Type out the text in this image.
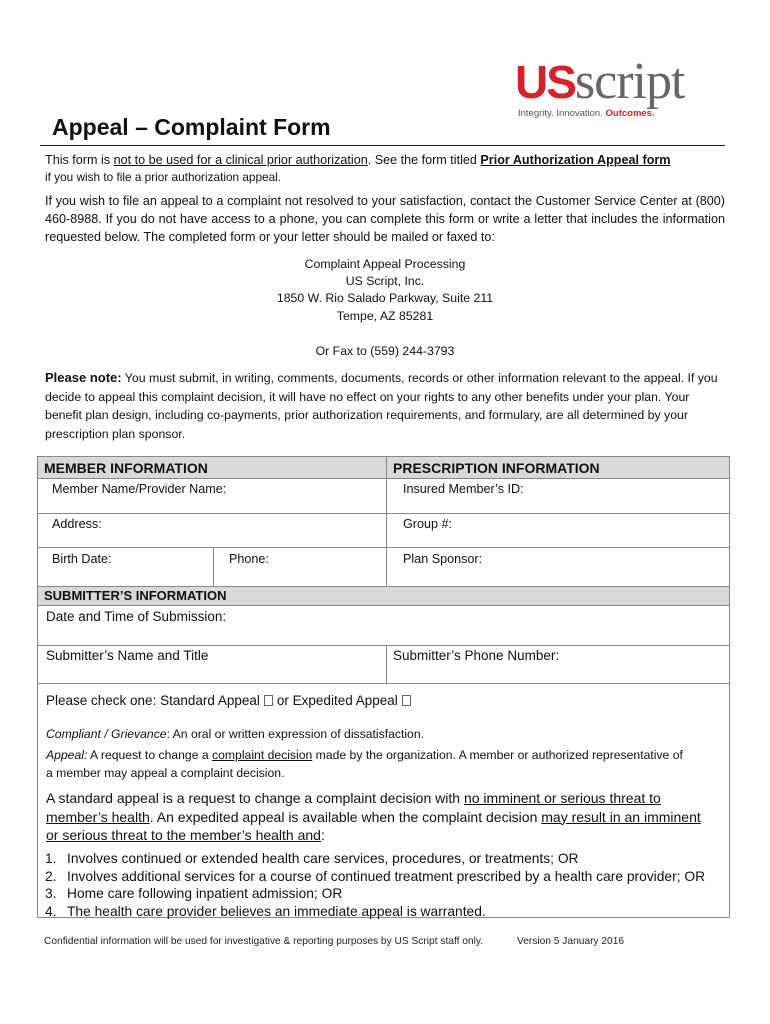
USscript
Integrity. Innovation. Outcomes.
Appeal – Complaint Form
This form is not to be used for a clinical prior authorization. See the form titled Prior Authorization Appeal form
if you wish to file a prior authorization appeal.
If you wish to file an appeal to a complaint not resolved to your satisfaction, contact the Customer Service Center at (800) 460-8988. If you do not have access to a phone, you can complete this form or write a letter that includes the information requested below. The completed form or your letter should be mailed or faxed to:
Complaint Appeal Processing
US Script, Inc.
1850 W. Rio Salado Parkway, Suite 211
Tempe, AZ 85281
Or Fax to (559) 244-3793
Please note: You must submit, in writing, comments, documents, records or other information relevant to the appeal. If you decide to appeal this complaint decision, it will have no effect on your rights to any other benefits under your plan. Your benefit plan design, including co-payments, prior authorization requirements, and formulary, are all determined by your prescription plan sponsor.
MEMBER INFORMATION	PRESCRIPTION INFORMATION
Member Name/Provider Name:	Insured Member’s ID:
Address:	Group #:
Birth Date:	Phone:	Plan Sponsor:
SUBMITTER’S INFORMATION
Date and Time of Submission:
Submitter’s Name and Title	Submitter’s Phone Number:
Please check one: Standard Appeal or Expedited Appeal
Compliant / Grievance: An oral or written expression of dissatisfaction.
Appeal: A request to change a complaint decision made by the organization. A member or authorized representative of a member may appeal a complaint decision.
A standard appeal is a request to change a complaint decision with no imminent or serious threat to member’s health. An expedited appeal is available when the complaint decision may result in an imminent or serious threat to the member’s health and:
1. Involves continued or extended health care services, procedures, or treatments; OR
2. Involves additional services for a course of continued treatment prescribed by a health care provider; OR
3. Home care following inpatient admission; OR
4. The health care provider believes an immediate appeal is warranted.
Confidential information will be used for investigative & reporting purposes by US Script staff only.	Version 5 January 2016
